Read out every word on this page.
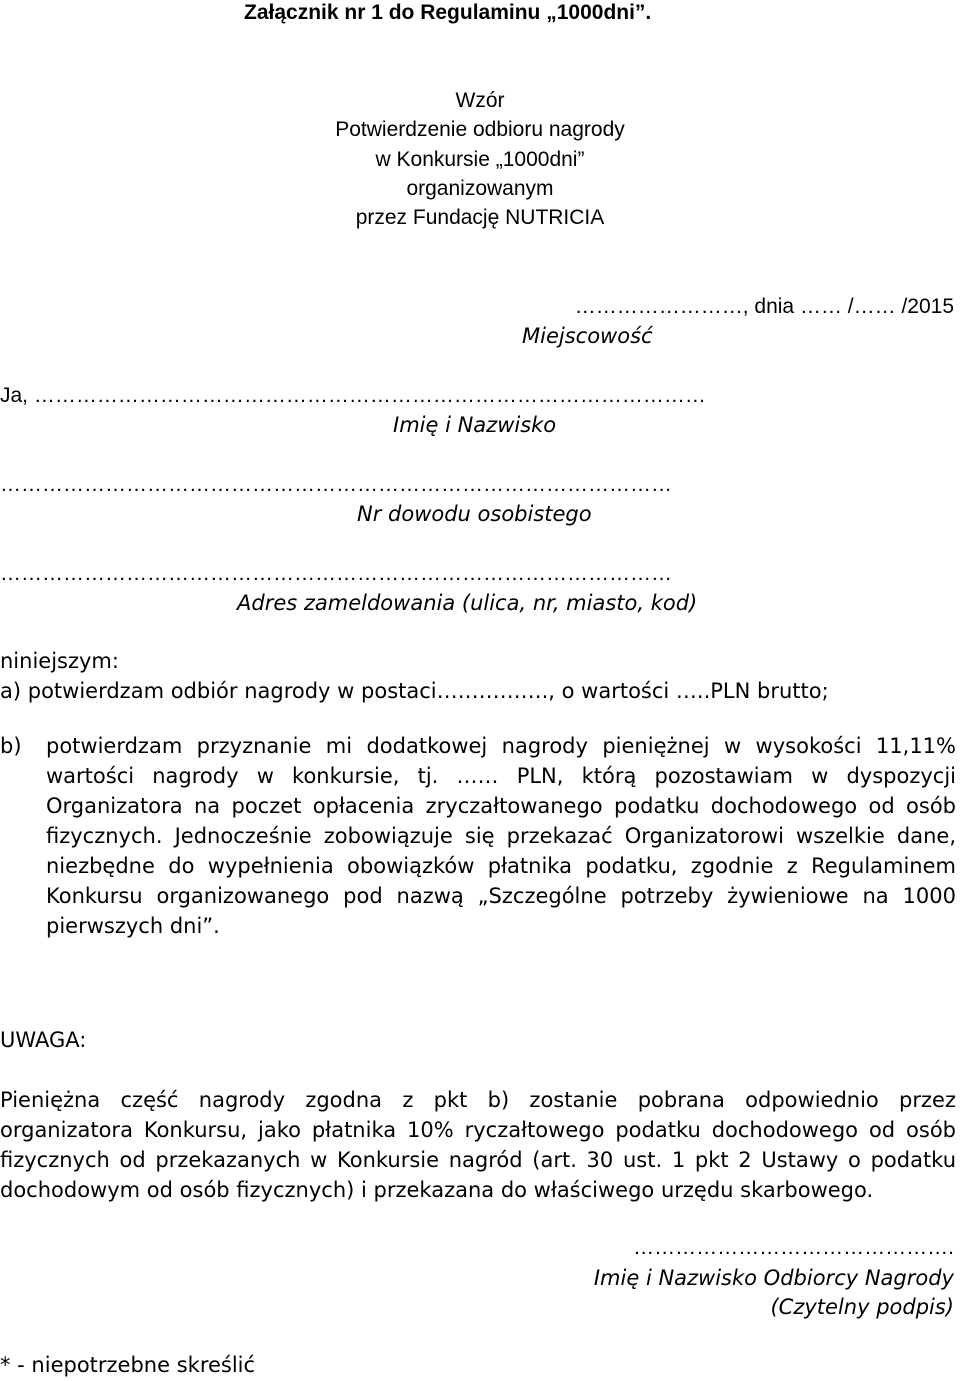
Załącznik nr 1 do Regulaminu „1000dni”.
Wzór
Potwierdzenie odbioru nagrody
w Konkursie „1000dni”
organizowanym
przez Fundację NUTRICIA
……………………, dnia …… /…… /2015
Miejscowość
Ja, ……………………………………………………………………………………
Imię i Nazwisko
……………………………………………………………………………………
Nr dowodu osobistego
……………………………………………………………………………………
Adres zameldowania (ulica, nr, miasto, kod)
niniejszym:
a) potwierdzam odbiór nagrody w postaci……………., o wartości …..PLN brutto;
b) potwierdzam przyznanie mi dodatkowej nagrody pieniężnej w wysokości 11,11% wartości nagrody w konkursie, tj. …… PLN, którą pozostawiam w dyspozycji Organizatora na poczet opłacenia zryczałtowanego podatku dochodowego od osób fizycznych. Jednocześnie zobowiązuje się przekazać Organizatorowi wszelkie dane, niezbędne do wypełnienia obowiązków płatnika podatku, zgodnie z Regulaminem Konkursu organizowanego pod nazwą „Szczególne potrzeby żywieniowe na 1000 pierwszych dni”.
UWAGA:
Pieniężna część nagrody zgodna z pkt b) zostanie pobrana odpowiednio przez organizatora Konkursu, jako płatnika 10% ryczałtowego podatku dochodowego od osób fizycznych od przekazanych w Konkursie nagród (art. 30 ust. 1 pkt 2 Ustawy o podatku dochodowym od osób fizycznych) i przekazana do właściwego urzędu skarbowego.
……………………………………….
Imię i Nazwisko Odbiorcy Nagrody
(Czytelny podpis)
* - niepotrzebne skreślić
